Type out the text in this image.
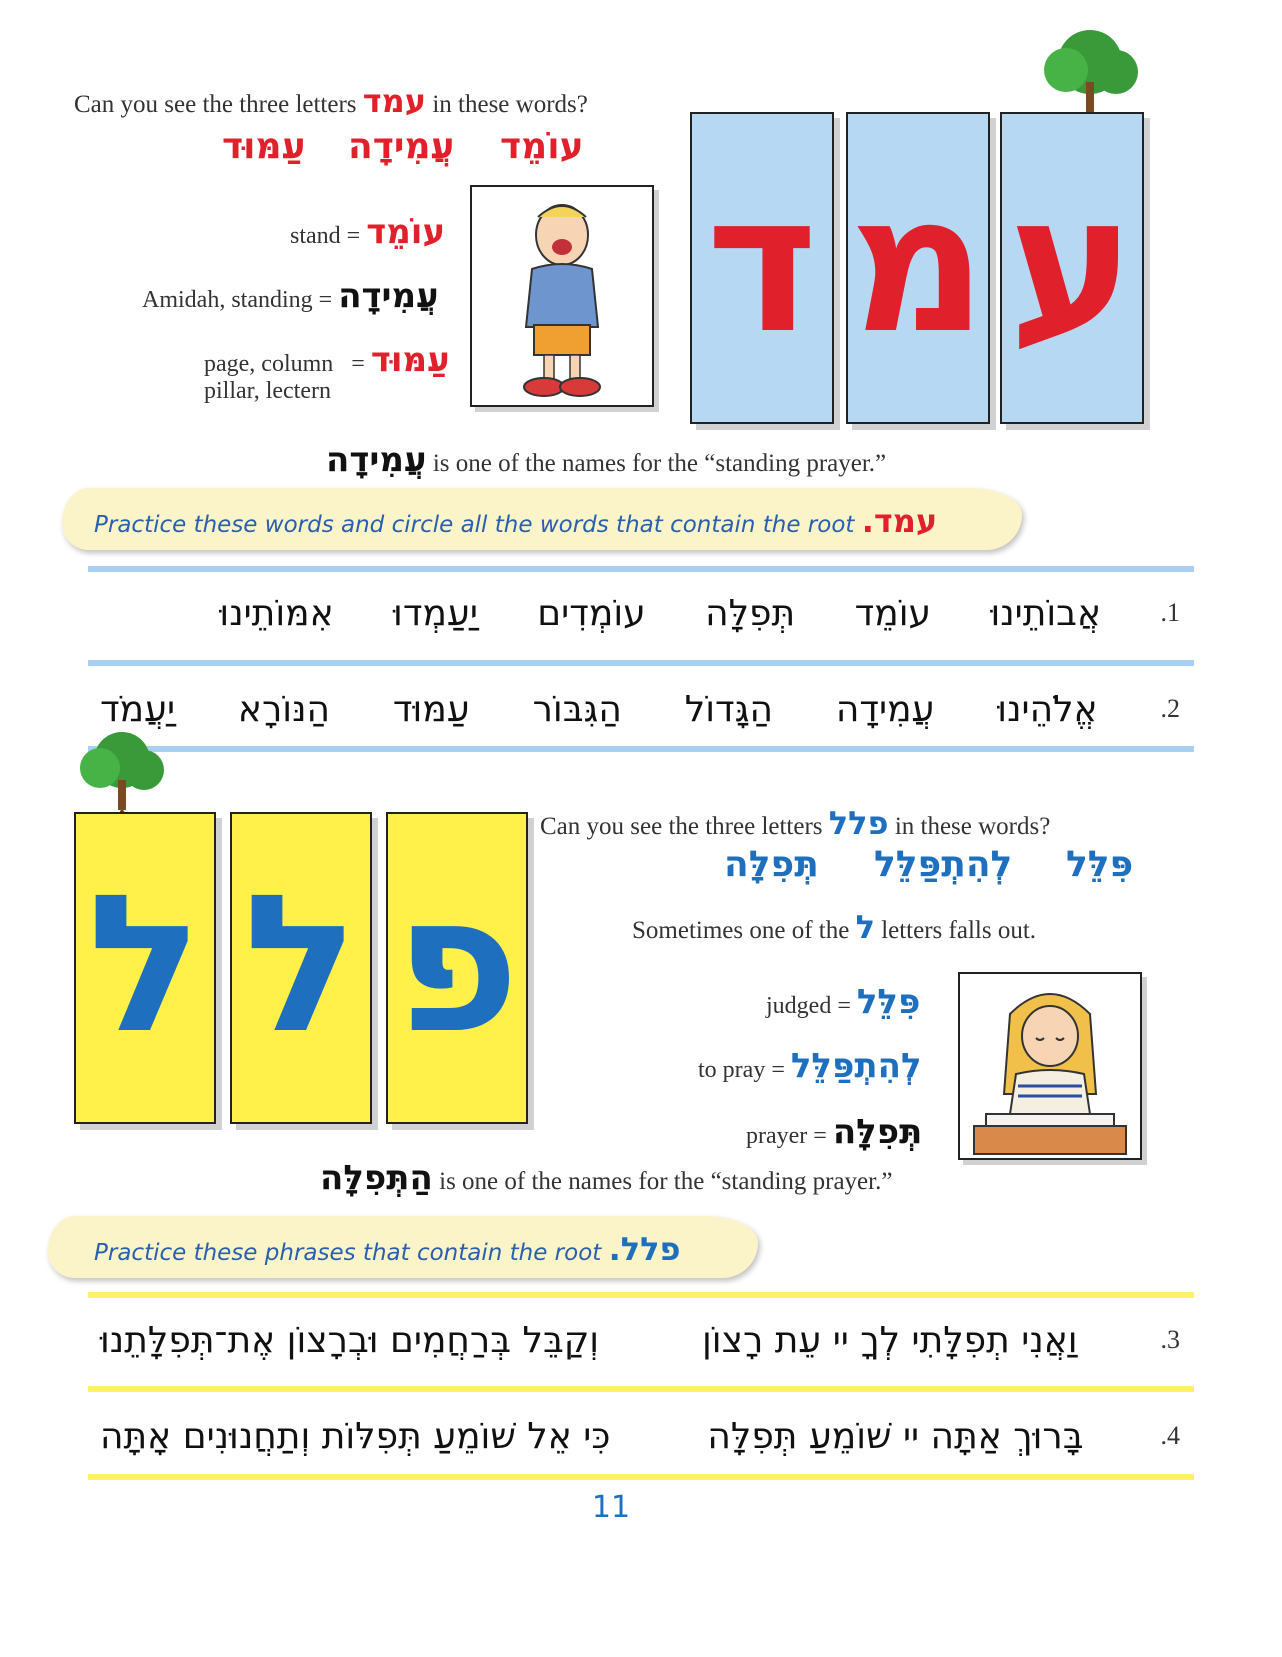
Can you see the three letters עמד in these words?
עוֹמֵד
עֲמִידָה
עַמּוּד
stand = עוֹמֵד
Amidah, standing = עֲמִידָה
page, column = עַמּוּד
pillar, lectern
ע
מ
ד
עֲמִידָה is one of the names for the “standing prayer.”
Practice these words and circle all the words that contain the root עמד.
.1
אֲבוֹתֵינוּ
עוֹמֵד
תְּפִלָּה
עוֹמְדִים
יַעַמְדוּ
אִמּוֹתֵינוּ
.2
אֱלֹהֵינוּ
עֲמִידָה
הַגָּדוֹל
הַגִּבּוֹר
עַמּוּד
הַנּוֹרָא
יַעֲמֹד
ל ל פ
Can you see the three letters פלל in these words?
פִּלֵּל
לְהִתְפַּלֵּל
תְּפִלָּה
Sometimes one of the ל letters falls out.
judged = פִּלֵּל
to pray = לְהִתְפַּלֵּל
prayer = תְּפִלָּה
הַתְּפִלָּה is one of the names for the “standing prayer.”
Practice these phrases that contain the root פלל.
.3
וַאֲנִי תְפִלָּתִי לְךָ יי עֵת רָצוֹן
וְקַבֵּל בְּרַחֲמִים וּבְרָצוֹן אֶת־תְּפִלָּתֵנוּ
.4
בָּרוּךְ אַתָּה יי שׁוֹמֵעַ תְּפִלָּה
כִּי אֵל שׁוֹמֵעַ תְּפִלּוֹת וְתַחֲנוּנִים אָתָּה
11
